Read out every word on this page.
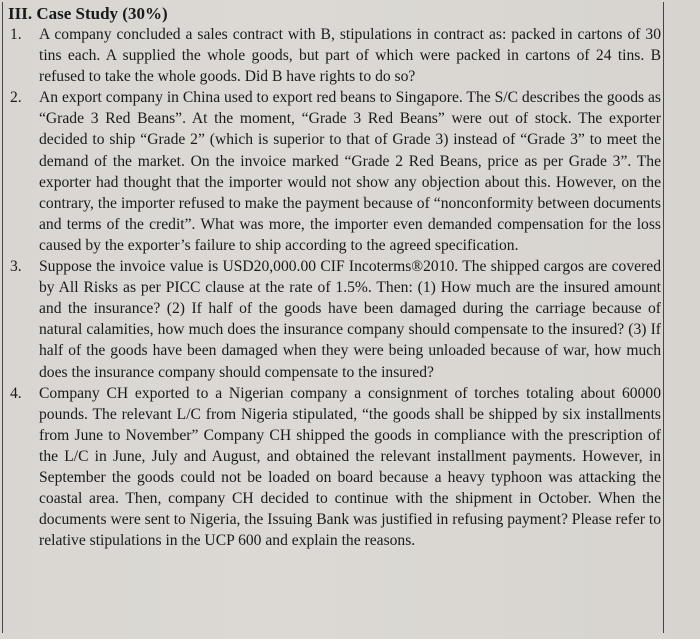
III. Case Study (30%)
1. A company concluded a sales contract with B, stipulations in contract as: packed in cartons of 30 tins each. A supplied the whole goods, but part of which were packed in cartons of 24 tins. B refused to take the whole goods. Did B have rights to do so?
2. An export company in China used to export red beans to Singapore. The S/C describes the goods as “Grade 3 Red Beans”. At the moment, “Grade 3 Red Beans” were out of stock. The exporter decided to ship “Grade 2” (which is superior to that of Grade 3) instead of “Grade 3” to meet the demand of the market. On the invoice marked “Grade 2 Red Beans, price as per Grade 3”. The exporter had thought that the importer would not show any objection about this. However, on the contrary, the importer refused to make the payment because of “nonconformity between documents and terms of the credit”. What was more, the importer even demanded compensation for the loss caused by the exporter’s failure to ship according to the agreed specification.
3. Suppose the invoice value is USD20,000.00 CIF Incoterms®2010. The shipped cargos are covered by All Risks as per PICC clause at the rate of 1.5%. Then: (1) How much are the insured amount and the insurance? (2) If half of the goods have been damaged during the carriage because of natural calamities, how much does the insurance company should compensate to the insured? (3) If half of the goods have been damaged when they were being unloaded because of war, how much does the insurance company should compensate to the insured?
4. Company CH exported to a Nigerian company a consignment of torches totaling about 60000 pounds. The relevant L/C from Nigeria stipulated, “the goods shall be shipped by six installments from June to November” Company CH shipped the goods in compliance with the prescription of the L/C in June, July and August, and obtained the relevant installment payments. However, in September the goods could not be loaded on board because a heavy typhoon was attacking the coastal area. Then, company CH decided to continue with the shipment in October. When the documents were sent to Nigeria, the Issuing Bank was justified in refusing payment? Please refer to relative stipulations in the UCP 600 and explain the reasons.
